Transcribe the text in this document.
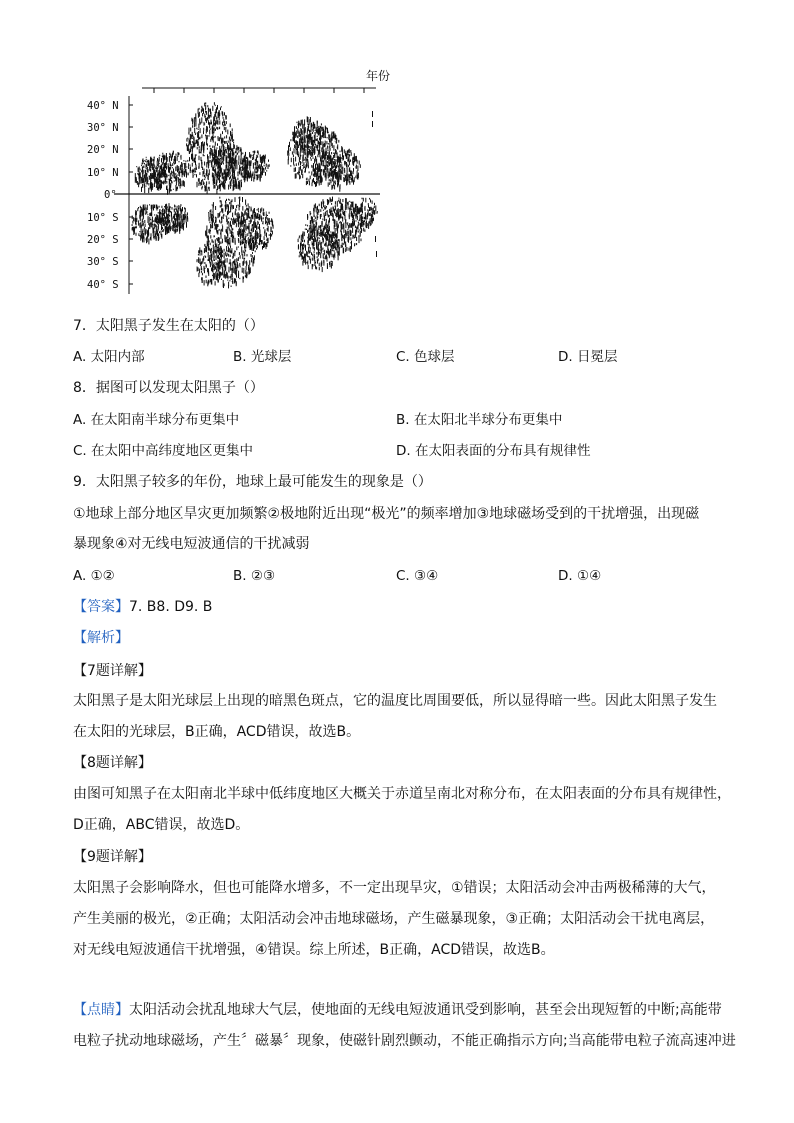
年份
40° N
30° N
20° N
10° N
0°
10° S
20° S
30° S
40° S
7．太阳黑子发生在太阳的（）
A. 太阳内部	B. 光球层	C. 色球层	D. 日冕层
8．据图可以发现太阳黑子（）
A. 在太阳南半球分布更集中	B. 在太阳北半球分布更集中
C. 在太阳中高纬度地区更集中	D. 在太阳表面的分布具有规律性
9．太阳黑子较多的年份，地球上最可能发生的现象是（）
①地球上部分地区旱灾更加频繁②极地附近出现“极光”的频率增加③地球磁场受到的干扰增强，出现磁
暴现象④对无线电短波通信的干扰减弱
A. ①②	B. ②③	C. ③④	D. ①④
【答案】7. B8. D9. B
【解析】
【7题详解】
太阳黑子是太阳光球层上出现的暗黑色斑点，它的温度比周围要低，所以显得暗一些。因此太阳黑子发生
在太阳的光球层，B正确，ACD错误，故选B。
【8题详解】
由图可知黑子在太阳南北半球中低纬度地区大概关于赤道呈南北对称分布，在太阳表面的分布具有规律性，
D正确，ABC错误，故选D。
【9题详解】
太阳黑子会影响降水，但也可能降水增多，不一定出现旱灾，①错误；太阳活动会冲击两极稀薄的大气，
产生美丽的极光，②正确；太阳活动会冲击地球磁场，产生磁暴现象，③正确；太阳活动会干扰电离层，
对无线电短波通信干扰增强，④错误。综上所述，B正确，ACD错误，故选B。
【点睛】太阳活动会扰乱地球大气层，使地面的无线电短波通讯受到影响，甚至会出现短暂的中断;高能带
电粒子扰动地球磁场，产生〞磁暴〞现象，使磁针剧烈颤动，不能正确指示方向;当高能带电粒子流高速冲进
